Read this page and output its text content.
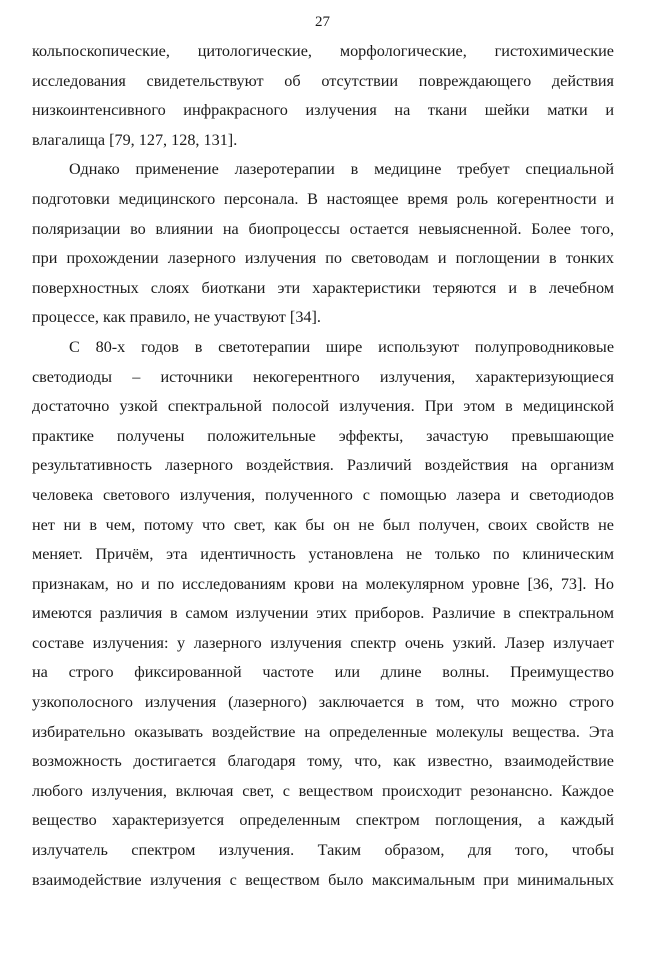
27
кольпоскопические, цитологические, морфологические, гистохимические
исследования свидетельствуют об отсутствии повреждающего действия
низкоинтенсивного инфракрасного излучения на ткани шейки матки и
влагалища [79, 127, 128, 131].
Однако применение лазеротерапии в медицине требует специальной
подготовки медицинского персонала. В настоящее время роль когерентности и
поляризации во влиянии на биопроцессы остается невыясненной. Более того,
при прохождении лазерного излучения по световодам и поглощении в тонких
поверхностных слоях биоткани эти характеристики теряются и в лечебном
процессе, как правило, не участвуют [34].
С 80-х годов в светотерапии шире используют полупроводниковые
светодиоды – источники некогерентного излучения, характеризующиеся
достаточно узкой спектральной полосой излучения. При этом в медицинской
практике получены положительные эффекты, зачастую превышающие
результативность лазерного воздействия. Различий воздействия на организм
человека светового излучения, полученного с помощью лазера и светодиодов
нет ни в чем, потому что свет, как бы он не был получен, своих свойств не
меняет. Причём, эта идентичность установлена не только по клиническим
признакам, но и по исследованиям крови на молекулярном уровне [36, 73]. Но
имеются различия в самом излучении этих приборов. Различие в спектральном
составе излучения: у лазерного излучения спектр очень узкий. Лазер излучает
на строго фиксированной частоте или длине волны. Преимущество
узкополосного излучения (лазерного) заключается в том, что можно строго
избирательно оказывать воздействие на определенные молекулы вещества. Эта
возможность достигается благодаря тому, что, как известно, взаимодействие
любого излучения, включая свет, с веществом происходит резонансно. Каждое
вещество характеризуется определенным спектром поглощения, а каждый
излучатель спектром излучения. Таким образом, для того, чтобы
взаимодействие излучения с веществом было максимальным при минимальных
